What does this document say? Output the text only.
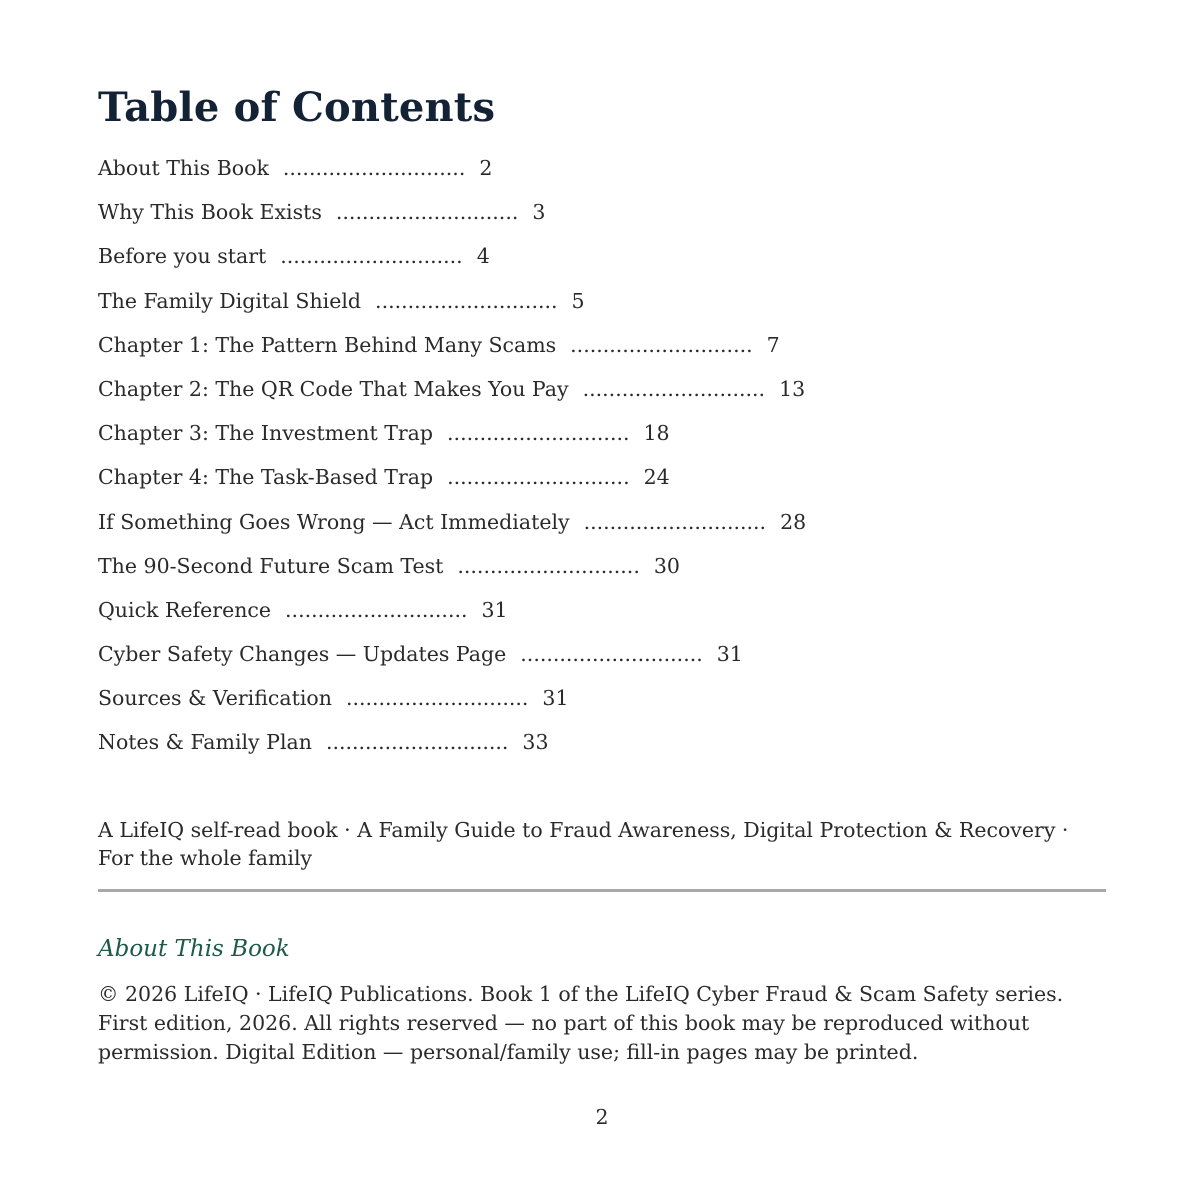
Table of Contents
About This Book ............................ 2
Why This Book Exists ............................ 3
Before you start ............................ 4
The Family Digital Shield ............................ 5
Chapter 1: The Pattern Behind Many Scams ............................ 7
Chapter 2: The QR Code That Makes You Pay ............................ 13
Chapter 3: The Investment Trap ............................ 18
Chapter 4: The Task-Based Trap ............................ 24
If Something Goes Wrong — Act Immediately ............................ 28
The 90-Second Future Scam Test ............................ 30
Quick Reference ............................ 31
Cyber Safety Changes — Updates Page ............................ 31
Sources & Verification ............................ 31
Notes & Family Plan ............................ 33

A LifeIQ self-read book · A Family Guide to Fraud Awareness, Digital Protection & Recovery · For the whole family

About This Book

© 2026 LifeIQ · LifeIQ Publications. Book 1 of the LifeIQ Cyber Fraud & Scam Safety series. First edition, 2026. All rights reserved — no part of this book may be reproduced without permission. Digital Edition — personal/family use; fill-in pages may be printed.

2
